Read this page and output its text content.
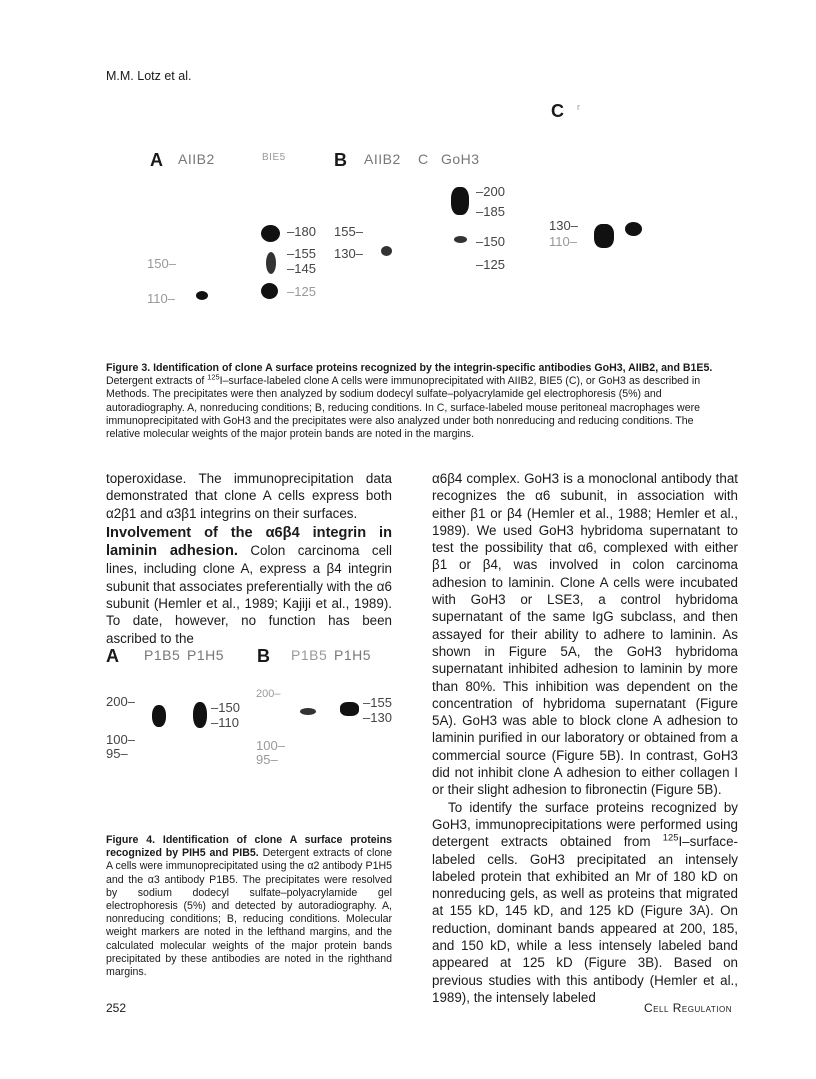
M.M. Lotz et al.
A AIIB2	BIE5
150–
110–
–180
–155
–145
–125
B AIIB2 C GoH3
155–
130–
–200
–185
–150
–125
C r
130–
110–
Figure 3. Identification of clone A surface proteins recognized by the integrin-specific antibodies GoH3, AIIB2, and B1E5. Detergent extracts of $^{125}$I–surface-labeled clone A cells were immunoprecipitated with AIIB2, BIE5 (C), or GoH3 as described in Methods. The precipitates were then analyzed by sodium dodecyl sulfate–polyacrylamide gel electrophoresis (5%) and autoradiography. A, nonreducing conditions; B, reducing conditions. In C, surface-labeled mouse peritoneal macrophages were immunoprecipitated with GoH3 and the precipitates were also analyzed under both nonreducing and reducing conditions. The relative molecular weights of the major protein bands are noted in the margins.

toperoxidase. The immunoprecipitation data demonstrated that clone A cells express both α2β1 and α3β1 integrins on their surfaces.

Involvement of the α6β4 integrin in laminin adhesion. Colon carcinoma cell lines, including clone A, express a β4 integrin subunit that associates preferentially with the α6 subunit (Hemler et al., 1989; Kajiji et al., 1989). To date, however, no function has been ascribed to the

A P1B5 P1H5
200–
100–
95–
–150
–110
B P1B5 P1H5
200–
100–
95–
–155
–130
Figure 4. Identification of clone A surface proteins recognized by PIH5 and PIB5. Detergent extracts of clone A cells were immunoprecipitated using the α2 antibody P1H5 and the α3 antibody P1B5. The precipitates were resolved by sodium dodecyl sulfate–polyacrylamide gel electrophoresis (5%) and detected by autoradiography. A, nonreducing conditions; B, reducing conditions. Molecular weight markers are noted in the lefthand margins, and the calculated molecular weights of the major protein bands precipitated by these antibodies are noted in the righthand margins.

α6β4 complex. GoH3 is a monoclonal antibody that recognizes the α6 subunit, in association with either β1 or β4 (Hemler et al., 1988; Hemler et al., 1989). We used GoH3 hybridoma supernatant to test the possibility that α6, complexed with either β1 or β4, was involved in colon carcinoma adhesion to laminin. Clone A cells were incubated with GoH3 or LSE3, a control hybridoma supernatant of the same IgG subclass, and then assayed for their ability to adhere to laminin. As shown in Figure 5A, the GoH3 hybridoma supernatant inhibited adhesion to laminin by more than 80%. This inhibition was dependent on the concentration of hybridoma supernatant (Figure 5A). GoH3 was able to block clone A adhesion to laminin purified in our laboratory or obtained from a commercial source (Figure 5B). In contrast, GoH3 did not inhibit clone A adhesion to either collagen I or their slight adhesion to fibronectin (Figure 5B).

To identify the surface proteins recognized by GoH3, immunoprecipitations were performed using detergent extracts obtained from $^{125}$I–surface-labeled cells. GoH3 precipitated an intensely labeled protein that exhibited an Mr of 180 kD on nonreducing gels, as well as proteins that migrated at 155 kD, 145 kD, and 125 kD (Figure 3A). On reduction, dominant bands appeared at 200, 185, and 150 kD, while a less intensely labeled band appeared at 125 kD (Figure 3B). Based on previous studies with this antibody (Hemler et al., 1989), the intensely labeled

252	Cell Regulation
